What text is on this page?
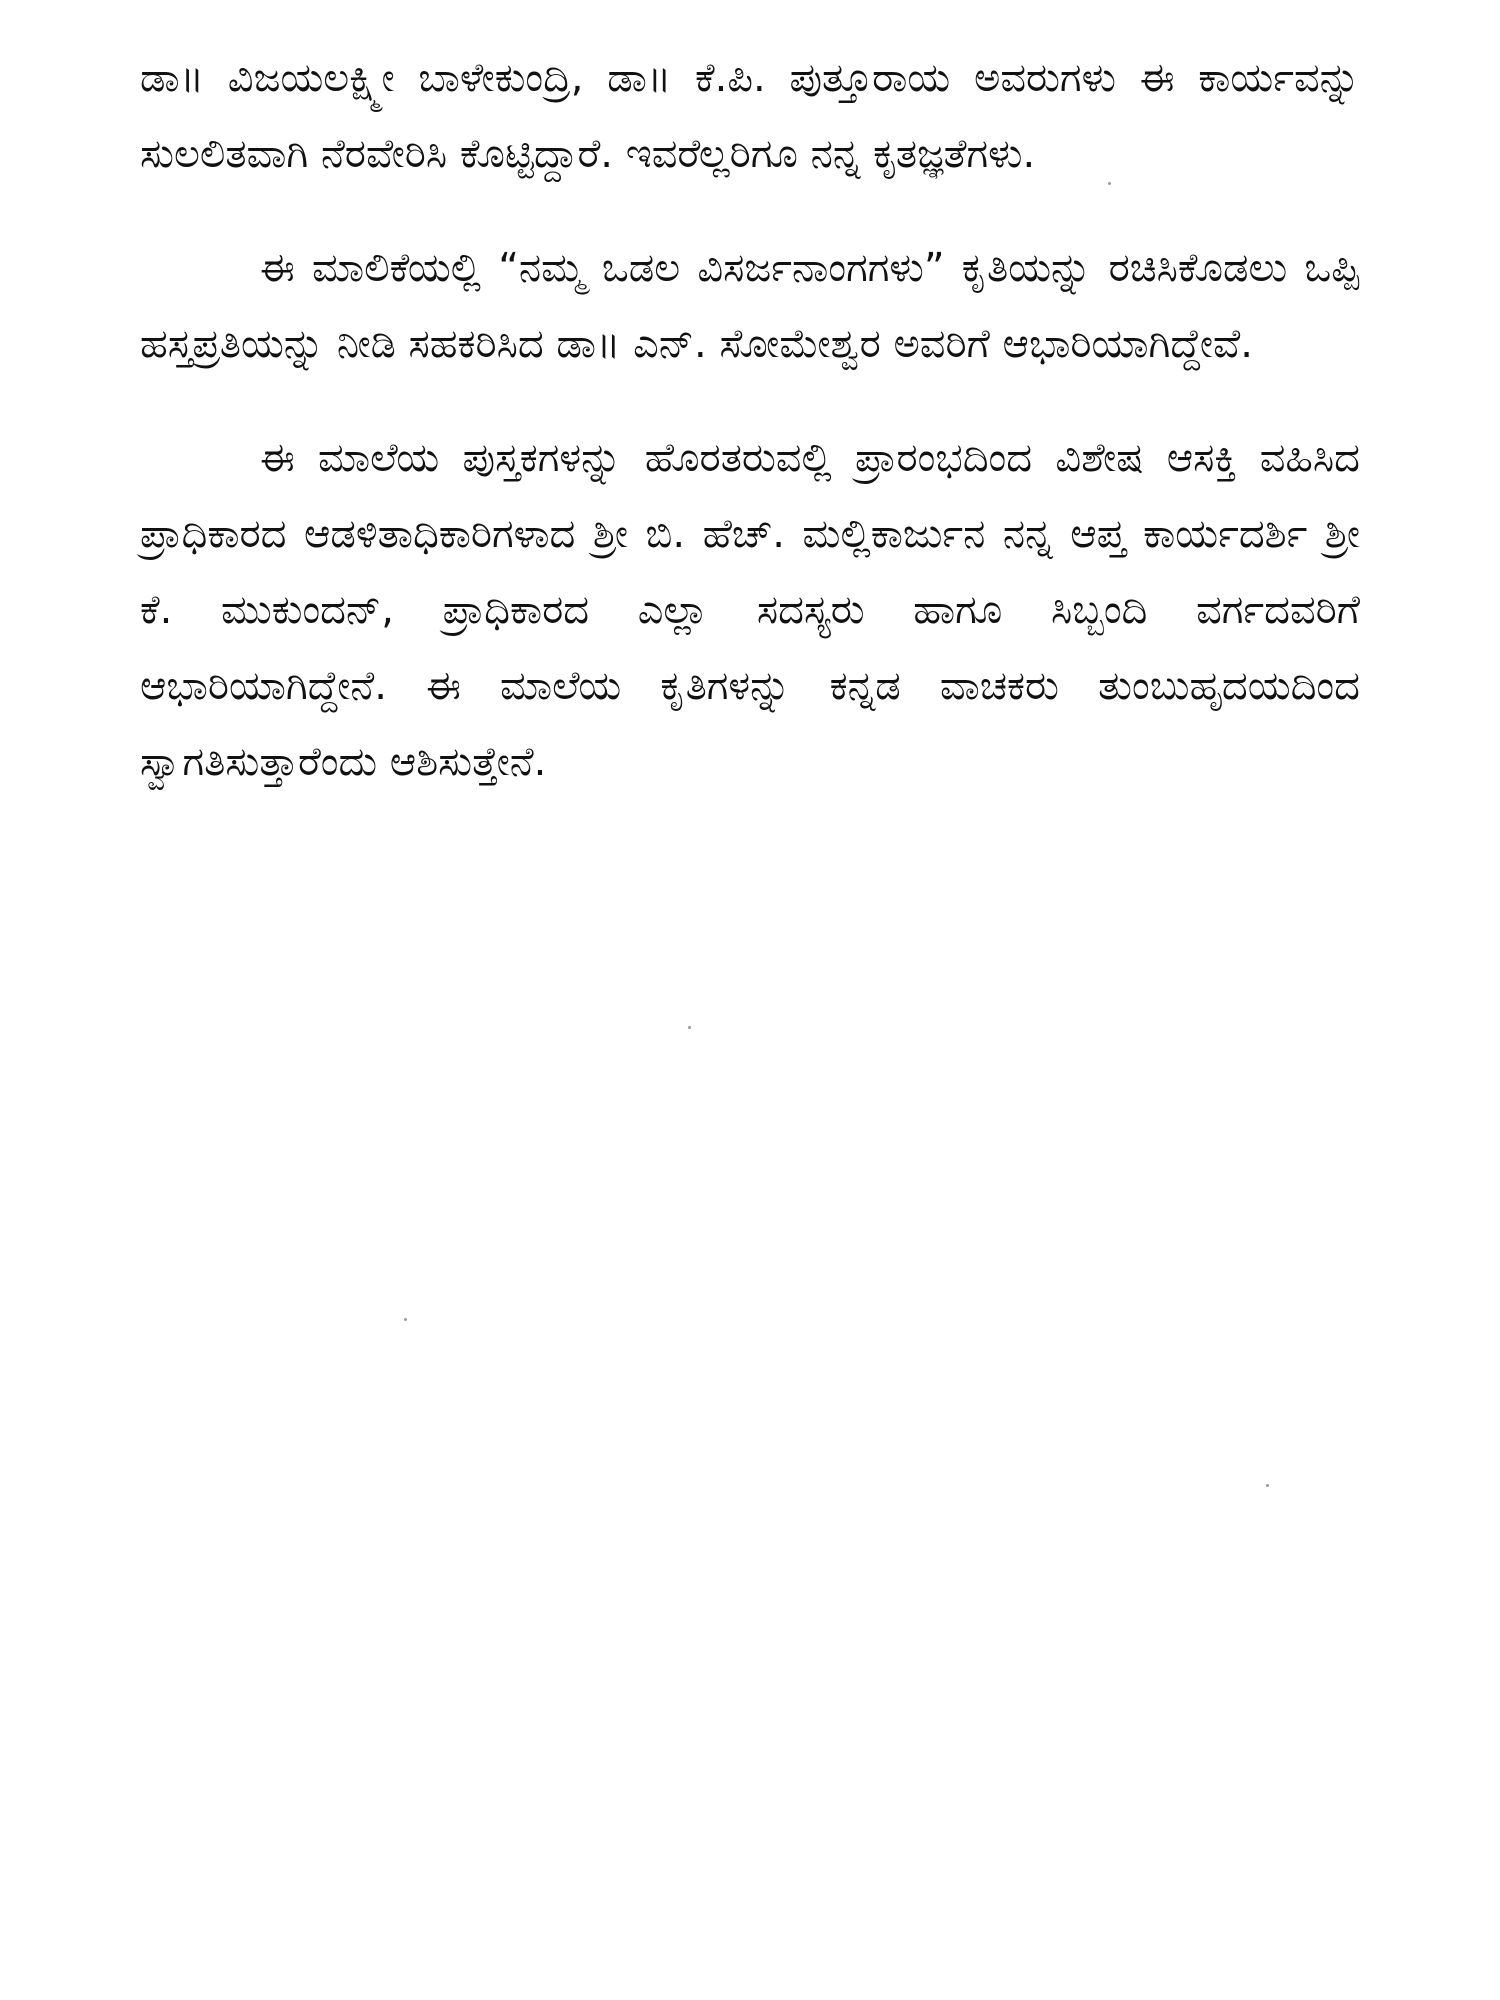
ಡಾ॥ ವಿಜಯಲಕ್ಷ್ಮೀ ಬಾಳೇಕುಂದ್ರಿ, ಡಾ॥ ಕೆ.ಪಿ. ಪುತ್ತೂರಾಯ ಅವರುಗಳು ಈ ಕಾರ್ಯವನ್ನು ಸುಲಲಿತವಾಗಿ ನೆರವೇರಿಸಿ ಕೊಟ್ಟಿದ್ದಾರೆ. ಇವರೆಲ್ಲರಿಗೂ ನನ್ನ ಕೃತಜ್ಞತೆಗಳು.

ಈ ಮಾಲಿಕೆಯಲ್ಲಿ “ನಮ್ಮ ಒಡಲ ವಿಸರ್ಜನಾಂಗಗಳು” ಕೃತಿಯನ್ನು ರಚಿಸಿಕೊಡಲು ಒಪ್ಪಿ ಹಸ್ತಪ್ರತಿಯನ್ನು ನೀಡಿ ಸಹಕರಿಸಿದ ಡಾ॥ ಎನ್. ಸೋಮೇಶ್ವರ ಅವರಿಗೆ ಆಭಾರಿಯಾಗಿದ್ದೇವೆ.

ಈ ಮಾಲೆಯ ಪುಸ್ತಕಗಳನ್ನು ಹೊರತರುವಲ್ಲಿ ಪ್ರಾರಂಭದಿಂದ ವಿಶೇಷ ಆಸಕ್ತಿ ವಹಿಸಿದ ಪ್ರಾಧಿಕಾರದ ಆಡಳಿತಾಧಿಕಾರಿಗಳಾದ ಶ್ರೀ ಬಿ. ಹೆಚ್. ಮಲ್ಲಿಕಾರ್ಜುನ ನನ್ನ ಆಪ್ತ ಕಾರ್ಯದರ್ಶಿ ಶ್ರೀ ಕೆ. ಮುಕುಂದನ್, ಪ್ರಾಧಿಕಾರದ ಎಲ್ಲಾ ಸದಸ್ಯರು ಹಾಗೂ ಸಿಬ್ಬಂದಿ ವರ್ಗದವರಿಗೆ ಆಭಾರಿಯಾಗಿದ್ದೇನೆ. ಈ ಮಾಲೆಯ ಕೃತಿಗಳನ್ನು ಕನ್ನಡ ವಾಚಕರು ತುಂಬುಹೃದಯದಿಂದ ಸ್ವಾಗತಿಸುತ್ತಾರೆಂದು ಆಶಿಸುತ್ತೇನೆ.
